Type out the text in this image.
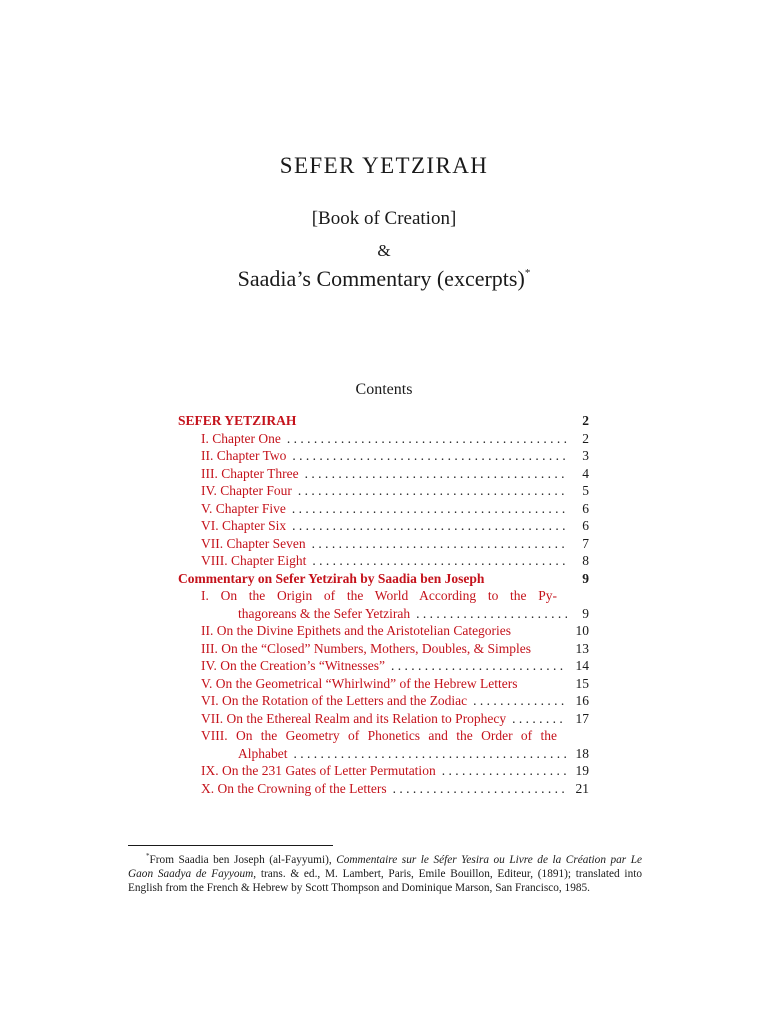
SEFER YETZIRAH
[Book of Creation]
&
Saadia’s Commentary (excerpts)*
Contents
SEFER YETZIRAH	2
I. Chapter One . . .	2
II. Chapter Two . . .	3
III. Chapter Three . . .	4
IV. Chapter Four . . .	5
V. Chapter Five . . .	6
VI. Chapter Six . . .	6
VII. Chapter Seven . . .	7
VIII. Chapter Eight . . .	8
Commentary on Sefer Yetzirah by Saadia ben Joseph	9
I. On the Origin of the World According to the Py-
thagoreans & the Sefer Yetzirah . . .	9
II. On the Divine Epithets and the Aristotelian Categories	10
III. On the “Closed” Numbers, Mothers, Doubles, & Simples	13
IV. On the Creation’s “Witnesses” . . .	14
V. On the Geometrical “Whirlwind” of the Hebrew Letters	15
VI. On the Rotation of the Letters and the Zodiac . . .	16
VII. On the Ethereal Realm and its Relation to Prophecy . . .	17
VIII. On the Geometry of Phonetics and the Order of the
Alphabet . . .	18
IX. On the 231 Gates of Letter Permutation . . .	19
X. On the Crowning of the Letters . . .	21

*From Saadia ben Joseph (al-Fayyumi), Commentaire sur le Séfer Yesira ou Livre de la Création par Le Gaon Saadya de Fayyoum, trans. & ed., M. Lambert, Paris, Emile Bouillon, Editeur, (1891); translated into English from the French & Hebrew by Scott Thompson and Dominique Marson, San Francisco, 1985.
